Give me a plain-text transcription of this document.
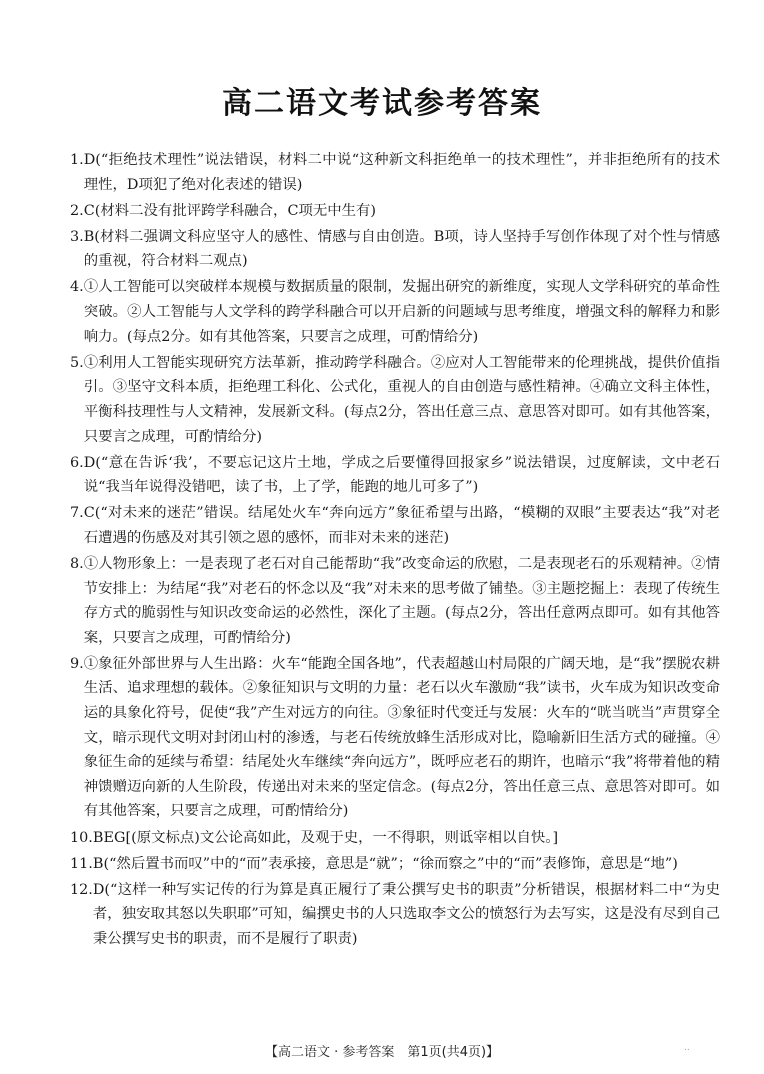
高二语文考试参考答案
1. D(“拒绝技术理性”说法错误，材料二中说“这种新文科拒绝单一的技术理性”，并非拒绝所有的技术理性，D项犯了绝对化表述的错误)
2. C(材料二没有批评跨学科融合，C项无中生有)
3. B(材料二强调文科应坚守人的感性、情感与自由创造。B项，诗人坚持手写创作体现了对个性与情感的重视，符合材料二观点)
4. ①人工智能可以突破样本规模与数据质量的限制，发掘出研究的新维度，实现人文学科研究的革命性突破。②人工智能与人文学科的跨学科融合可以开启新的问题域与思考维度，增强文科的解释力和影响力。(每点2分。如有其他答案，只要言之成理，可酌情给分)
5. ①利用人工智能实现研究方法革新，推动跨学科融合。②应对人工智能带来的伦理挑战，提供价值指引。③坚守文科本质，拒绝理工科化、公式化，重视人的自由创造与感性精神。④确立文科主体性，平衡科技理性与人文精神，发展新文科。(每点2分，答出任意三点、意思答对即可。如有其他答案，只要言之成理，可酌情给分)
6. D(“意在告诉‘我’，不要忘记这片土地，学成之后要懂得回报家乡”说法错误，过度解读，文中老石说“我当年说得没错吧，读了书，上了学，能跑的地儿可多了”)
7. C(“对未来的迷茫”错误。结尾处火车“奔向远方”象征希望与出路，“模糊的双眼”主要表达“我”对老石遭遇的伤感及对其引领之恩的感怀，而非对未来的迷茫)
8. ①人物形象上：一是表现了老石对自己能帮助“我”改变命运的欣慰，二是表现老石的乐观精神。②情节安排上：为结尾“我”对老石的怀念以及“我”对未来的思考做了铺垫。③主题挖掘上：表现了传统生存方式的脆弱性与知识改变命运的必然性，深化了主题。(每点2分，答出任意两点即可。如有其他答案，只要言之成理，可酌情给分)
9. ①象征外部世界与人生出路：火车“能跑全国各地”，代表超越山村局限的广阔天地，是“我”摆脱农耕生活、追求理想的载体。②象征知识与文明的力量：老石以火车激励“我”读书，火车成为知识改变命运的具象化符号，促使“我”产生对远方的向往。③象征时代变迁与发展：火车的“咣当咣当”声贯穿全文，暗示现代文明对封闭山村的渗透，与老石传统放蜂生活形成对比，隐喻新旧生活方式的碰撞。④象征生命的延续与希望：结尾处火车继续“奔向远方”，既呼应老石的期许，也暗示“我”将带着他的精神馈赠迈向新的人生阶段，传递出对未来的坚定信念。(每点2分，答出任意三点、意思答对即可。如有其他答案，只要言之成理，可酌情给分)
10. BEG[(原文标点)文公论高如此，及观于史，一不得职，则诋宰相以自快。]
11. B(“然后置书而叹”中的“而”表承接，意思是“就”；“徐而察之”中的“而”表修饰，意思是“地”)
12. D(“这样一种写实记传的行为算是真正履行了秉公撰写史书的职责”分析错误，根据材料二中“为史者，独安取其怒以失职耶”可知，编撰史书的人只选取李文公的愤怒行为去写实，这是没有尽到自己秉公撰写史书的职责，而不是履行了职责)
【高二语文 · 参考答案　第1页(共4页)】	..
